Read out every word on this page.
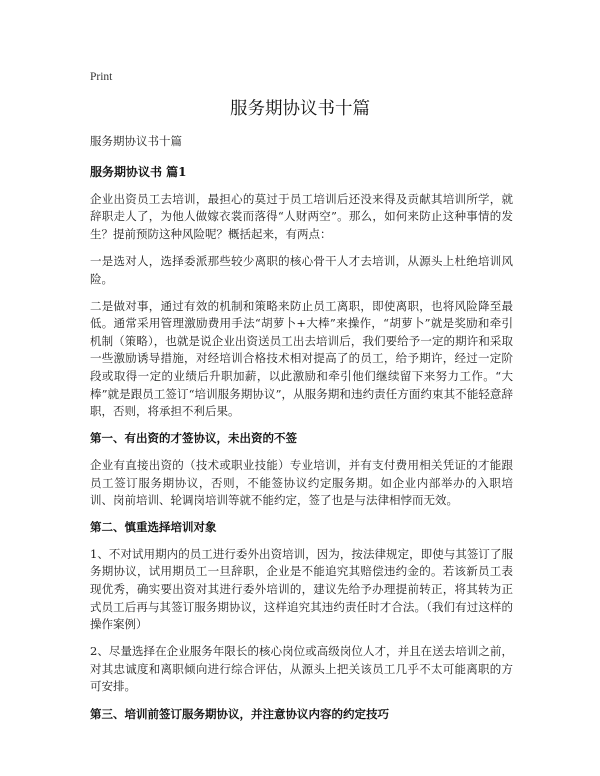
Print
服务期协议书十篇

服务期协议书十篇

服务期协议书 篇1

企业出资员工去培训，最担心的莫过于员工培训后还没来得及贡献其培训所学，就辞职走人了，为他人做嫁衣裳而落得“人财两空”。那么，如何来防止这种事情的发生？提前预防这种风险呢？概括起来，有两点：

一是选对人，选择委派那些较少离职的核心骨干人才去培训，从源头上杜绝培训风险。

二是做对事，通过有效的机制和策略来防止员工离职，即使离职，也将风险降至最低。通常采用管理激励费用手法“胡萝卜+大棒”来操作，“胡萝卜”就是奖励和牵引机制（策略），也就是说企业出资送员工出去培训后，我们要给予一定的期许和采取一些激励诱导措施，对经培训合格技术相对提高了的员工，给予期许，经过一定阶段或取得一定的业绩后升职加薪，以此激励和牵引他们继续留下来努力工作。“大棒”就是跟员工签订“培训服务期协议”，从服务期和违约责任方面约束其不能轻意辞职，否则，将承担不利后果。

第一、有出资的才签协议，未出资的不签

企业有直接出资的（技术或职业技能）专业培训，并有支付费用相关凭证的才能跟员工签订服务期协议，否则，不能签协议约定服务期。如企业内部举办的入职培训、岗前培训、轮调岗培训等就不能约定，签了也是与法律相悖而无效。

第二、慎重选择培训对象

1、不对试用期内的员工进行委外出资培训，因为，按法律规定，即使与其签订了服务期协议，试用期员工一旦辞职，企业是不能追究其赔偿违约金的。若该新员工表现优秀，确实要出资对其进行委外培训的，建议先给予办理提前转正，将其转为正式员工后再与其签订服务期协议，这样追究其违约责任时才合法。（我们有过这样的操作案例）

2、尽量选择在企业服务年限长的核心岗位或高级岗位人才，并且在送去培训之前，对其忠诚度和离职倾向进行综合评估，从源头上把关该员工几乎不太可能离职的方可安排。

第三、培训前签订服务期协议，并注意协议内容的约定技巧
